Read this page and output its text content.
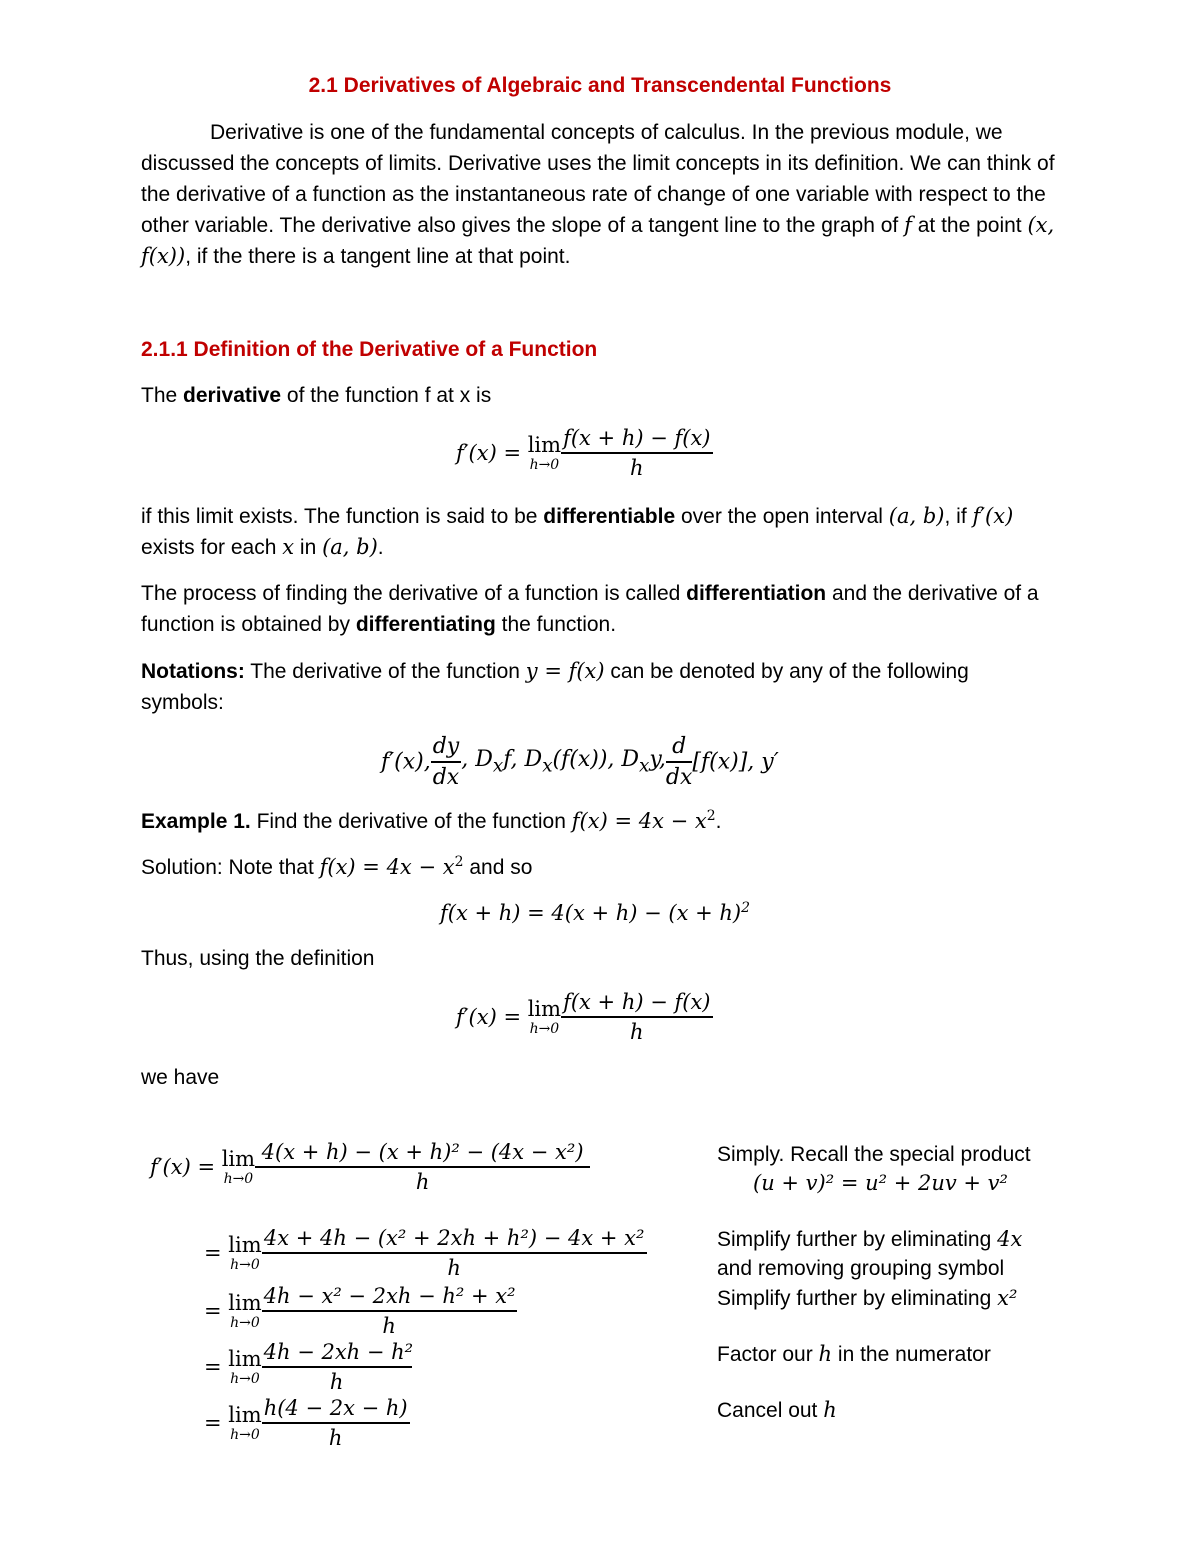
2.1 Derivatives of Algebraic and Transcendental Functions
Derivative is one of the fundamental concepts of calculus. In the previous module, we discussed the concepts of limits. Derivative uses the limit concepts in its definition. We can think of the derivative of a function as the instantaneous rate of change of one variable with respect to the other variable. The derivative also gives the slope of a tangent line to the graph of f at the point (x, f(x)), if the there is a tangent line at that point.
2.1.1 Definition of the Derivative of a Function
The derivative of the function f at x is
f′(x) = lim
$h\to 0 \frac{f(x + h) - f(x)}{h}$
if this limit exists. The function is said to be differentiable over the open interval (a, b), if f′(x)
exists for each x in (a, b).
The process of finding the derivative of a function is called differentiation and the derivative of a function is obtained by differentiating the function.
Notations: The derivative of the function y = f(x) can be denoted by any of the following symbols:
f′(x), $\frac{dy}{dx}$ , $D_xf$, $D_x(f(x))$, $D_xy$, $\frac{d}{dx} [f(x)]$, y′
Example 1. Find the derivative of the function $f(x) = 4x - x^2$.
Solution: Note that $f(x) = 4x - x^2$ and so
$f(x + h) = 4(x + h) - (x + h)^2$
Thus, using the definition
f′(x) = lim
$h\to 0 \frac{f(x + h) - f(x)}{h}$
we have
f′(x) = lim
$h\to 0 \frac{\text{4(x + h) − (x + h)² − (4x − x²)}}{h}$
= lim
$h\to 0 \frac{\text{4x + 4h − (x² + 2xh + h²) − 4x + x²}}{h}$
= lim
$h\to 0 \frac{\text{4h − x² − 2xh − h² + x²}}{h}$
= lim
$h\to 0 \frac{\text{4h − 2xh − h²}}{h}$
= lim
$h\to 0 \frac{h(4 - 2x - h)}{h}$
Simply. Recall the special product
(u + v)² = u² + 2uv + v²
Simplify further by eliminating 4x
and removing grouping symbol
Simplify further by eliminating x²
Factor our h in the numerator
Cancel out h
